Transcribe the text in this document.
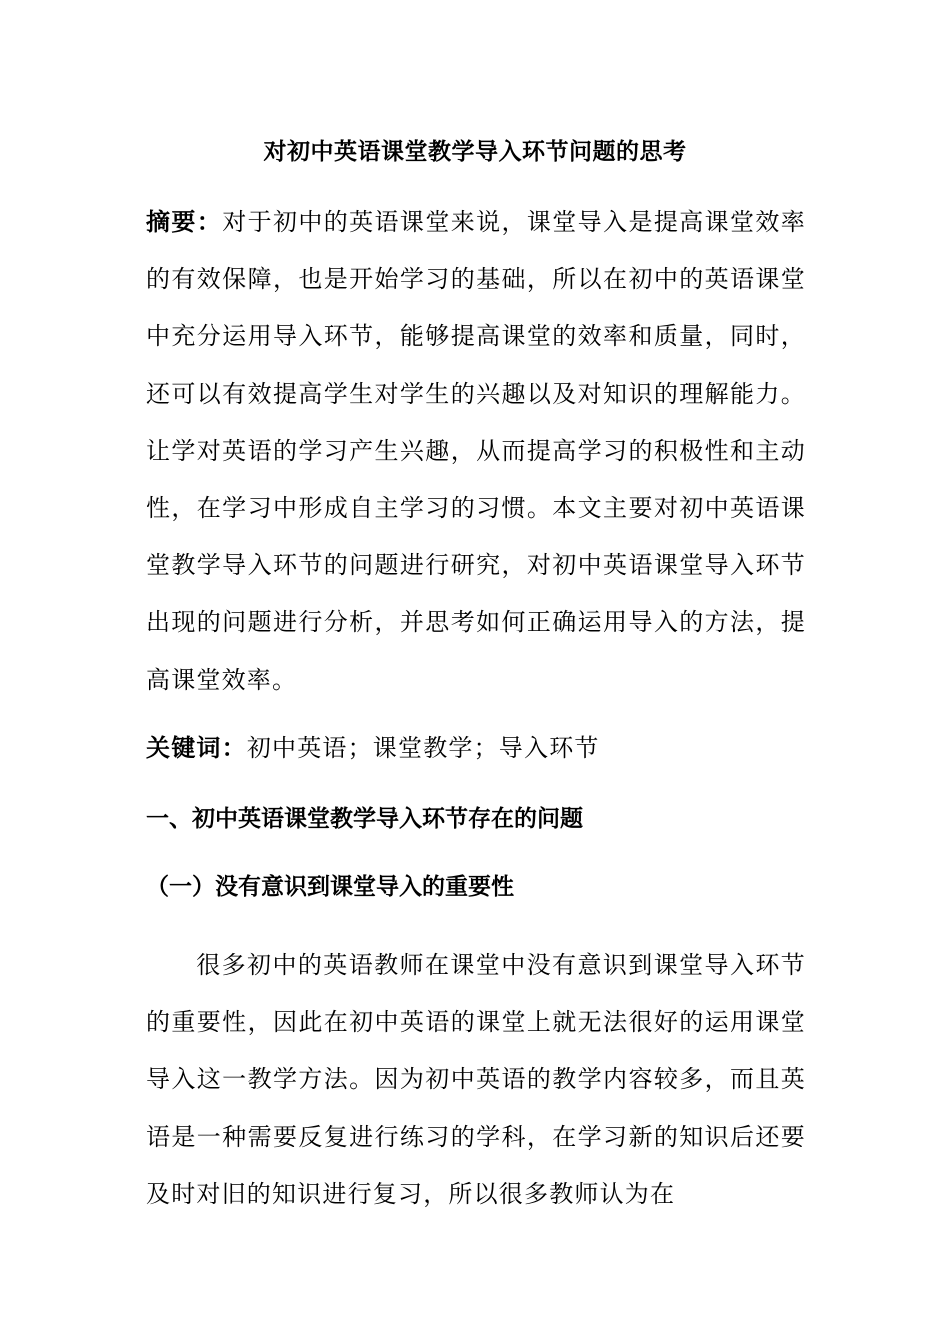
对初中英语课堂教学导入环节问题的思考
摘要：对于初中的英语课堂来说，课堂导入是提高课堂效率的有效保障，也是开始学习的基础，所以在初中的英语课堂中充分运用导入环节，能够提高课堂的效率和质量，同时，还可以有效提高学生对学生的兴趣以及对知识的理解能力。让学对英语的学习产生兴趣，从而提高学习的积极性和主动性，在学习中形成自主学习的习惯。本文主要对初中英语课堂教学导入环节的问题进行研究，对初中英语课堂导入环节出现的问题进行分析，并思考如何正确运用导入的方法，提高课堂效率。
关键词：初中英语；课堂教学；导入环节
一、初中英语课堂教学导入环节存在的问题
（一）没有意识到课堂导入的重要性
很多初中的英语教师在课堂中没有意识到课堂导入环节的重要性，因此在初中英语的课堂上就无法很好的运用课堂导入这一教学方法。因为初中英语的教学内容较多，而且英语是一种需要反复进行练习的学科，在学习新的知识后还要及时对旧的知识进行复习，所以很多教师认为在
